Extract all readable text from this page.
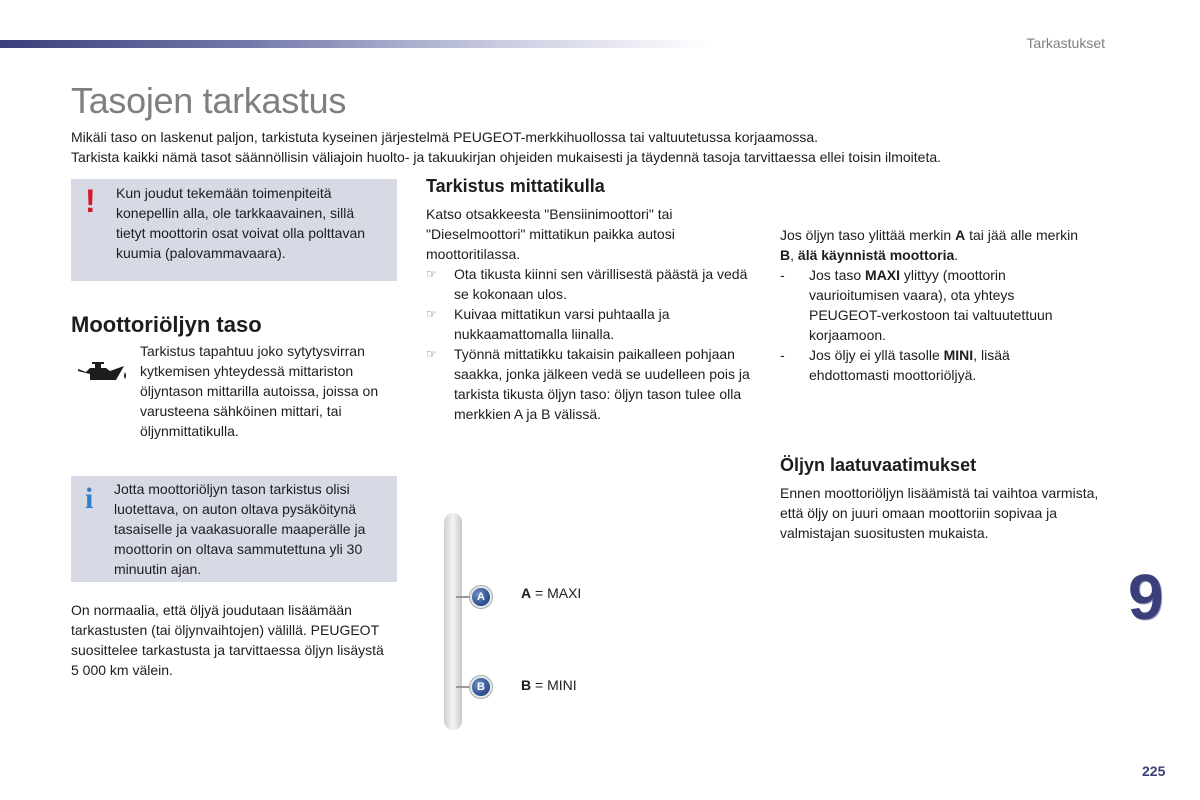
Tarkastukset
Tasojen tarkastus
Mikäli taso on laskenut paljon, tarkistuta kyseinen järjestelmä PEUGEOT-merkkihuollossa tai valtuutetussa korjaamossa.
Tarkista kaikki nämä tasot säännöllisin väliajoin huolto- ja takuukirjan ohjeiden mukaisesti ja täydennä tasoja tarvittaessa ellei toisin ilmoiteta.
! Kun joudut tekemään toimenpiteitä konepellin alla, ole tarkkaavainen, sillä tietyt moottorin osat voivat olla polttavan kuumia (palovammavaara).
Moottoriöljyn taso
Tarkistus tapahtuu joko sytytysvirran kytkemisen yhteydessä mittariston öljyntason mittarilla autoissa, joissa on varusteena sähköinen mittari, tai öljynmittatikulla.
i Jotta moottoriöljyn tason tarkistus olisi luotettava, on auton oltava pysäköitynä tasaiselle ja vaakasuoralle maaperälle ja moottorin on oltava sammutettuna yli 30 minuutin ajan.
On normaalia, että öljyä joudutaan lisäämään tarkastusten (tai öljynvaihtojen) välillä. PEUGEOT suosittelee tarkastusta ja tarvittaessa öljyn lisäystä 5 000 km välein.
Tarkistus mittatikulla
Katso otsakkeesta "Bensiinimoottori" tai "Dieselmoottori" mittatikun paikka autosi moottoritilassa.
☞ Ota tikusta kiinni sen värillisestä päästä ja vedä se kokonaan ulos.
☞ Kuivaa mittatikun varsi puhtaalla ja nukkaamattomalla liinalla.
☞ Työnnä mittatikku takaisin paikalleen pohjaan saakka, jonka jälkeen vedä se uudelleen pois ja tarkista tikusta öljyn taso: öljyn tason tulee olla merkkien A ja B välissä.
A
B
A = MAXI
B = MINI
Jos öljyn taso ylittää merkin A tai jää alle merkin B, älä käynnistä moottoria.
- Jos taso MAXI ylittyy (moottorin vaurioitumisen vaara), ota yhteys PEUGEOT-verkostoon tai valtuutettuun korjaamoon.
- Jos öljy ei yllä tasolle MINI, lisää ehdottomasti moottoriöljyä.
Öljyn laatuvaatimukset
Ennen moottoriöljyn lisäämistä tai vaihtoa varmista, että öljy on juuri omaan moottoriin sopivaa ja valmistajan suositusten mukaista.
9
225
